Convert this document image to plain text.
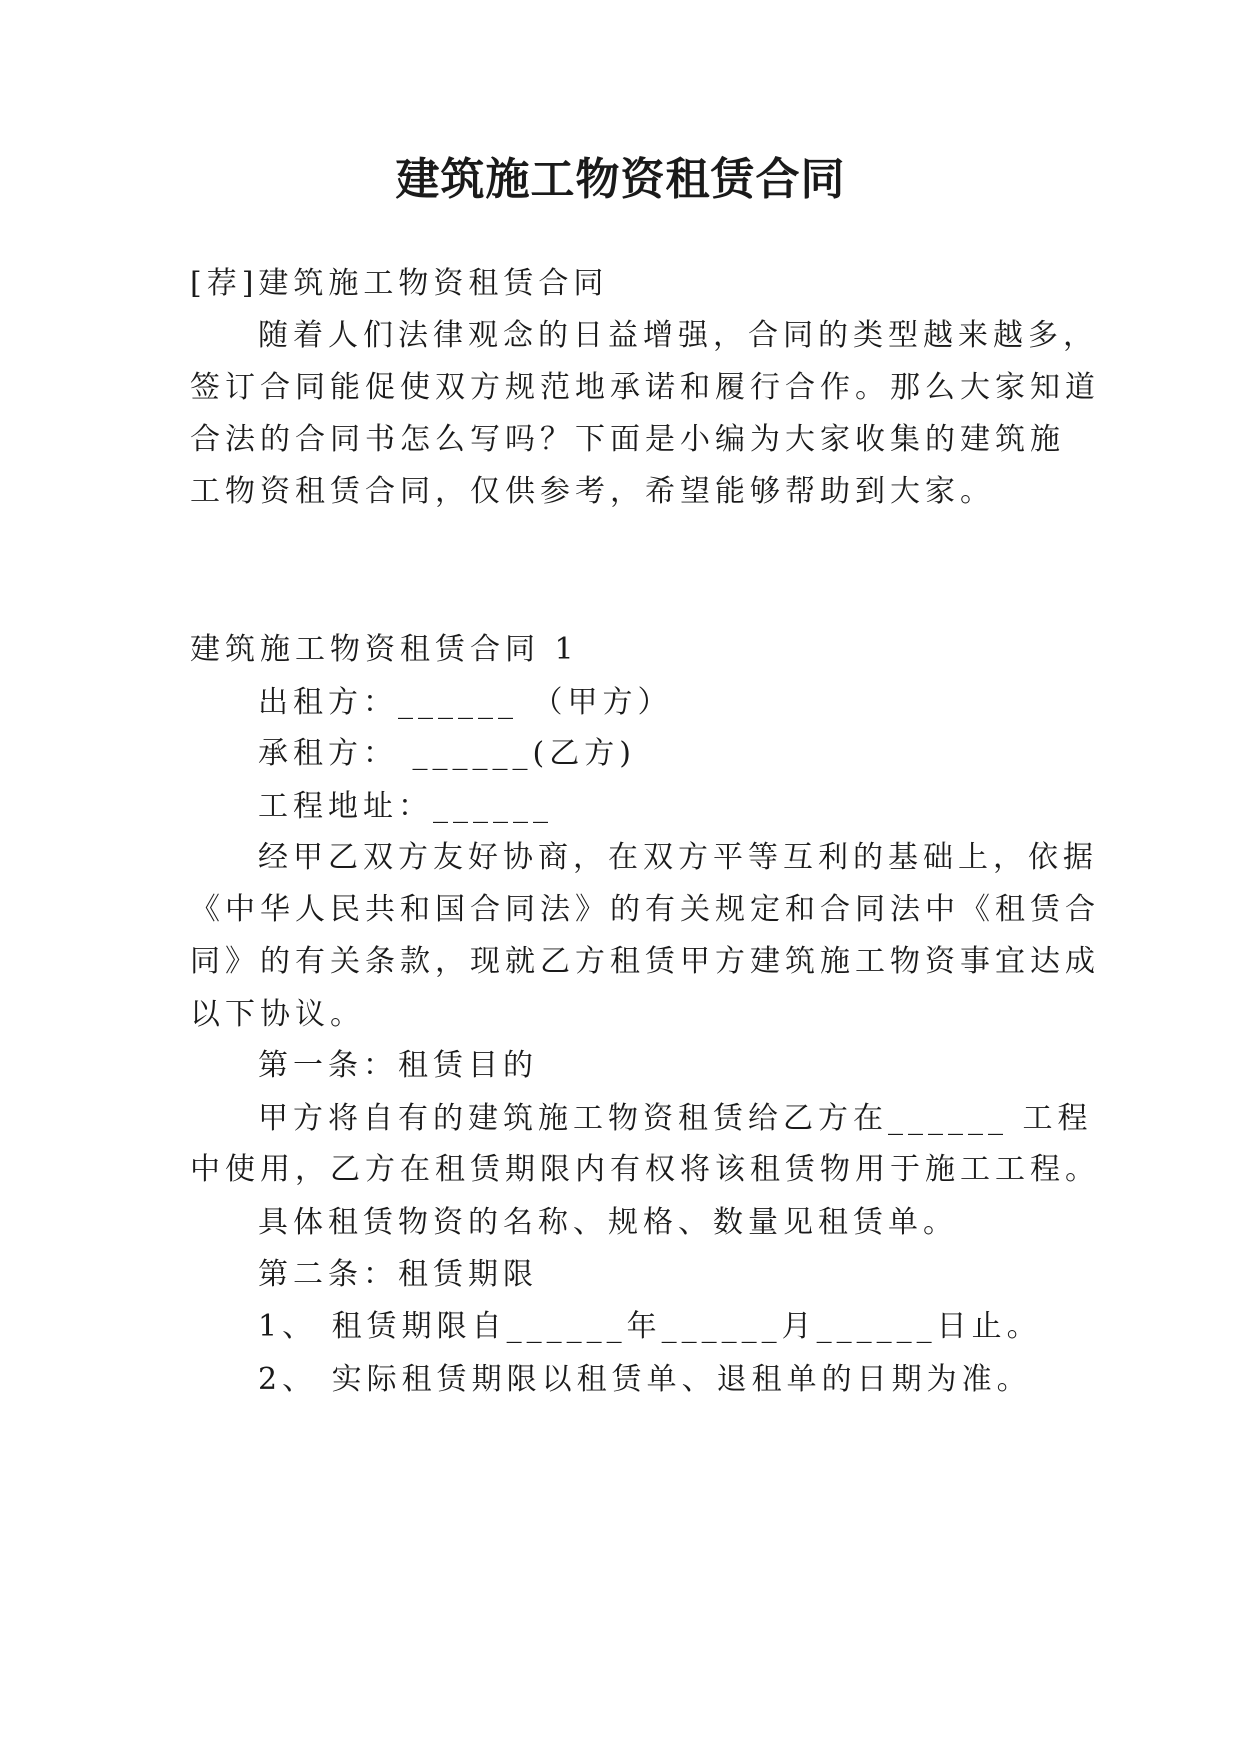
建筑施工物资租赁合同
[荐]建筑施工物资租赁合同
随着人们法律观念的日益增强，合同的类型越来越多，
签订合同能促使双方规范地承诺和履行合作。那么大家知道
合法的合同书怎么写吗？下面是小编为大家收集的建筑施
工物资租赁合同，仅供参考，希望能够帮助到大家。
建筑施工物资租赁合同 1
出租方：______ （甲方）
承租方： ______(乙方)
工程地址：______
经甲乙双方友好协商，在双方平等互利的基础上，依据
《中华人民共和国合同法》的有关规定和合同法中《租赁合
同》的有关条款，现就乙方租赁甲方建筑施工物资事宜达成
以下协议。
第一条：租赁目的
甲方将自有的建筑施工物资租赁给乙方在______ 工程
中使用，乙方在租赁期限内有权将该租赁物用于施工工程。
具体租赁物资的名称、规格、数量见租赁单。
第二条：租赁期限
1、 租赁期限自______年______月______日止。
2、 实际租赁期限以租赁单、退租单的日期为准。
